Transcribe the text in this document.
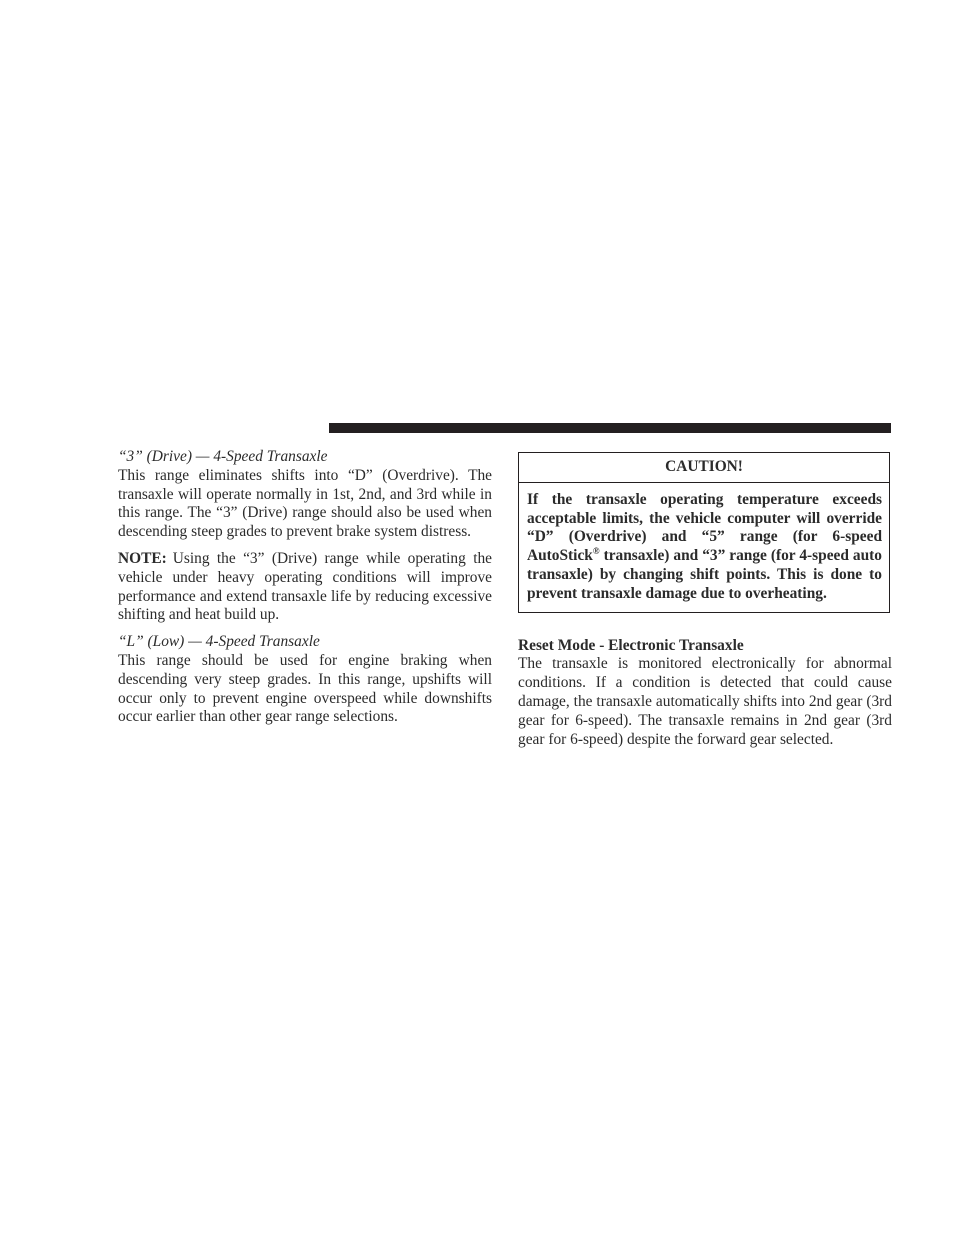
“3” (Drive) — 4-Speed Transaxle

This range eliminates shifts into “D” (Overdrive). The transaxle will operate normally in 1st, 2nd, and 3rd while in this range. The “3” (Drive) range should also be used when descending steep grades to prevent brake system distress.

NOTE: Using the “3” (Drive) range while operating the vehicle under heavy operating conditions will improve performance and extend transaxle life by reducing excessive shifting and heat build up.

“L” (Low) — 4-Speed Transaxle

This range should be used for engine braking when descending very steep grades. In this range, upshifts will occur only to prevent engine overspeed while downshifts occur earlier than other gear range selections.

CAUTION!
If the transaxle operating temperature exceeds acceptable limits, the vehicle computer will override “D” (Overdrive) and “5” range (for 6-speed AutoStick® transaxle) and “3” range (for 4-speed auto transaxle) by changing shift points. This is done to prevent transaxle damage due to overheating.

Reset Mode - Electronic Transaxle

The transaxle is monitored electronically for abnormal conditions. If a condition is detected that could cause damage, the transaxle automatically shifts into 2nd gear (3rd gear for 6-speed). The transaxle remains in 2nd gear (3rd gear for 6-speed) despite the forward gear selected.
